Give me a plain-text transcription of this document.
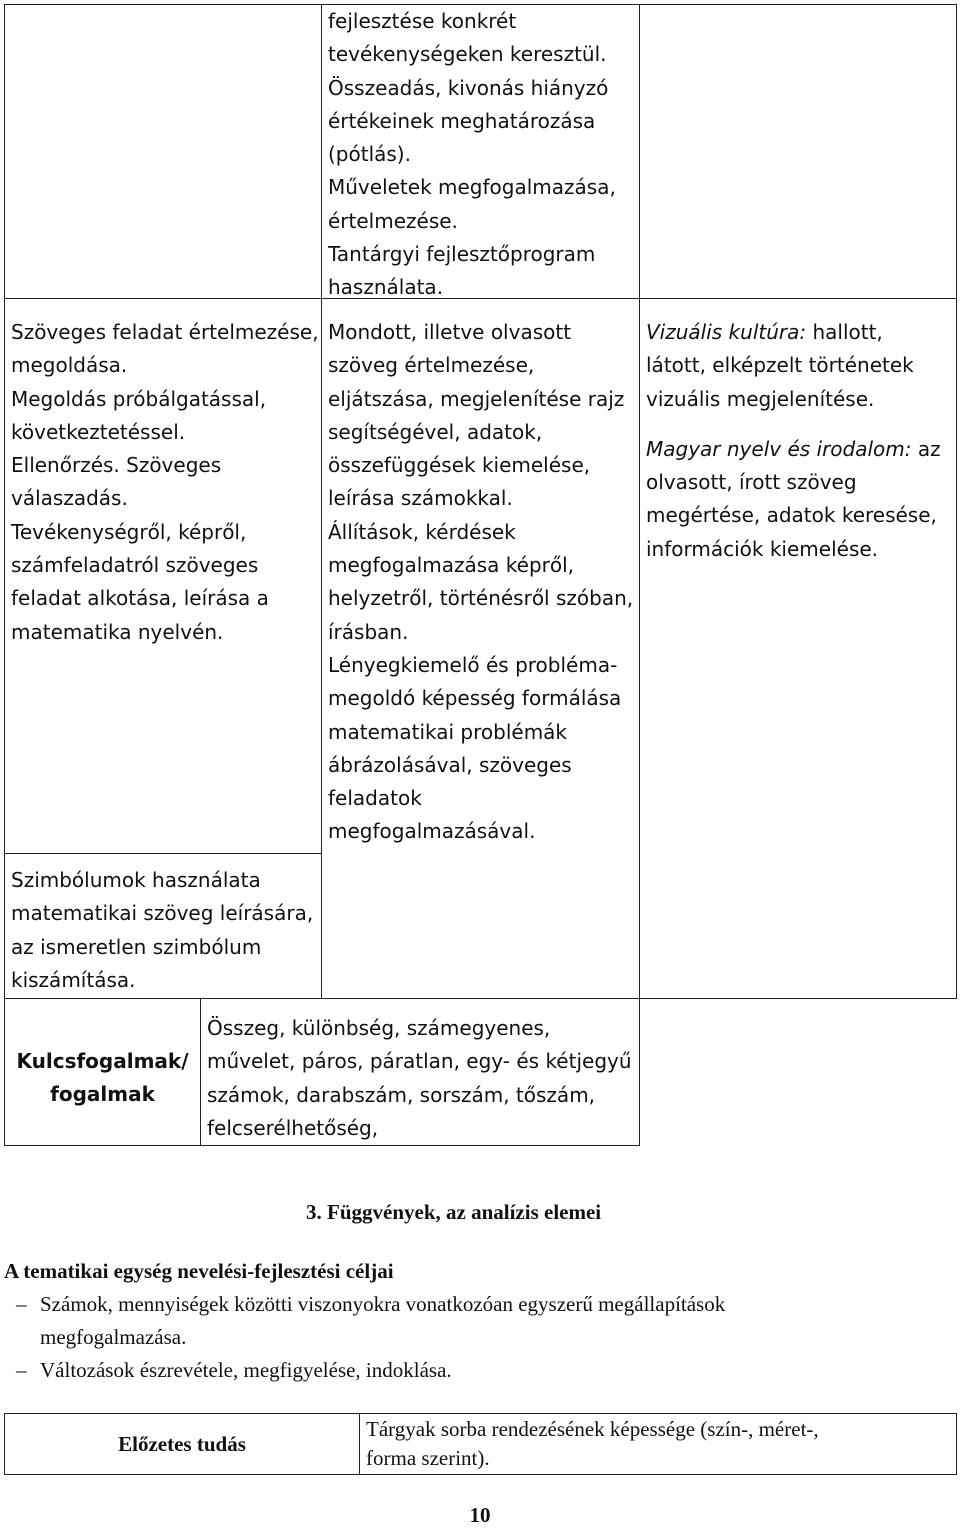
fejlesztése konkrét
tevékenységeken keresztül.
Összeadás, kivonás hiányzó
értékeinek meghatározása
(pótlás).
Műveletek megfogalmazása,
értelmezése.
Tantárgyi fejlesztőprogram
használata.
Szöveges feladat értelmezése,
megoldása.
Megoldás próbálgatással,
következtetéssel.
Ellenőrzés. Szöveges
válaszadás.
Tevékenységről, képről,
számfeladatról szöveges
feladat alkotása, leírása a
matematika nyelvén.
Szimbólumok használata
matematikai szöveg leírására,
az ismeretlen szimbólum
kiszámítása.
Mondott, illetve olvasott
szöveg értelmezése,
eljátszása, megjelenítése rajz
segítségével, adatok,
összefüggések kiemelése,
leírása számokkal.
Állítások, kérdések
megfogalmazása képről,
helyzetről, történésről szóban,
írásban.
Lényegkiemelő és probléma-
megoldó képesség formálása
matematikai problémák
ábrázolásával, szöveges
feladatok
megfogalmazásával.
Vizuális kultúra: hallott,
látott, elképzelt történetek
vizuális megjelenítése.
Magyar nyelv és irodalom: az
olvasott, írott szöveg
megértése, adatok keresése,
információk kiemelése.
Kulcsfogalmak/
fogalmak
Összeg, különbség, számegyenes,
művelet, páros, páratlan, egy- és kétjegyű
számok, darabszám, sorszám, tőszám,
felcserélhetőség,
3. Függvények, az analízis elemei
A tematikai egység nevelési-fejlesztési céljai
– Számok, mennyiségek közötti viszonyokra vonatkozóan egyszerű megállapítások
megfogalmazása.
– Változások észrevétele, megfigyelése, indoklása.
Előzetes tudás
Tárgyak sorba rendezésének képessége (szín-, méret-,
forma szerint).
10
